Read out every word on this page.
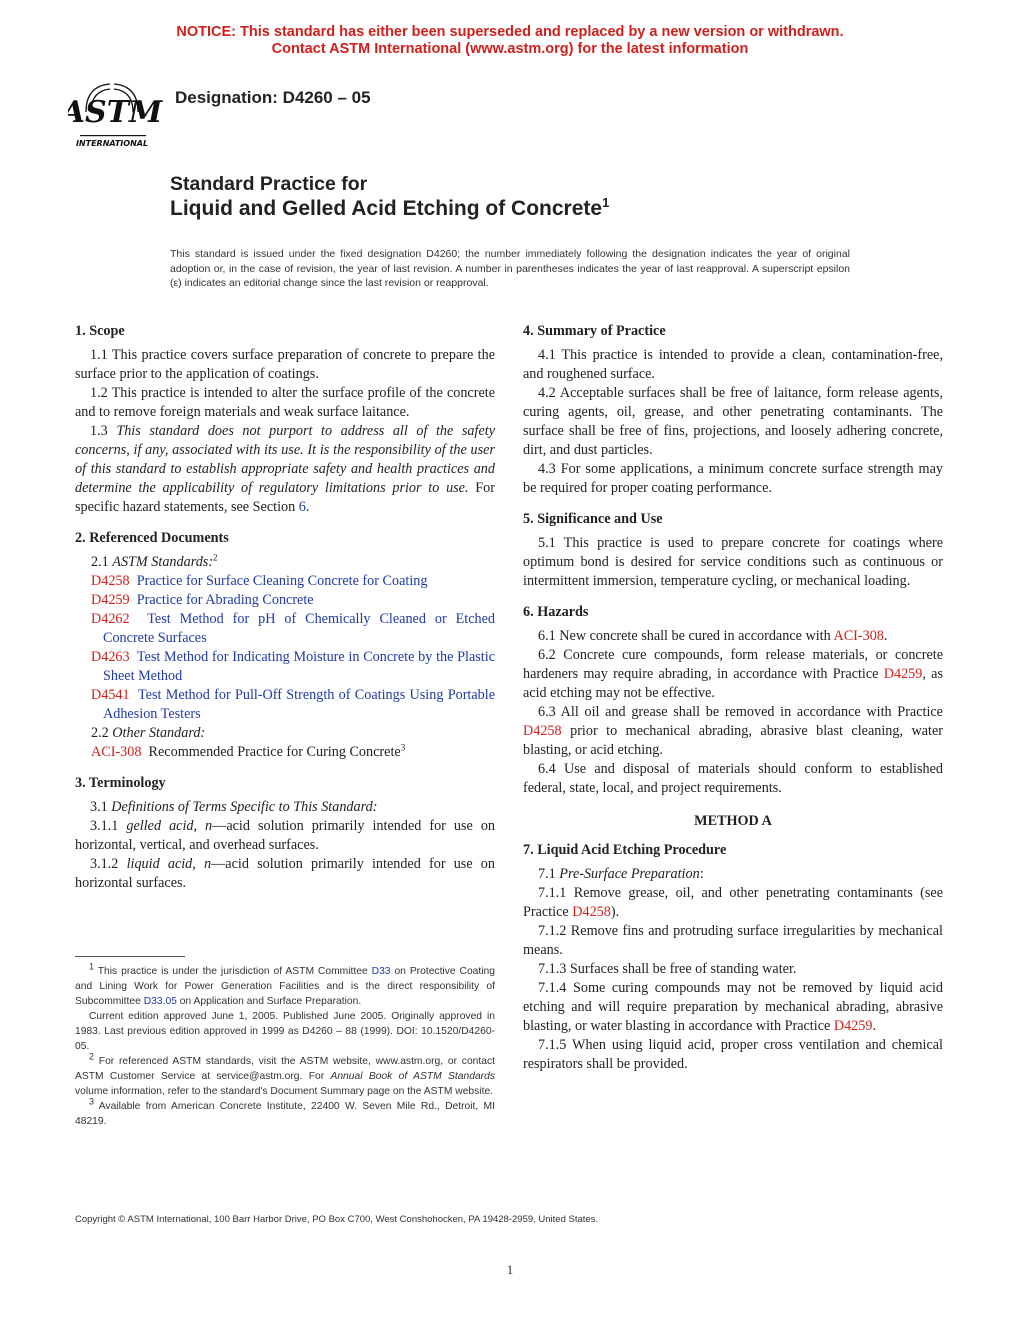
NOTICE: This standard has either been superseded and replaced by a new version or withdrawn.
Contact ASTM International (www.astm.org) for the latest information
ASTM
INTERNATIONAL
Designation: D4260 – 05
Standard Practice for
Liquid and Gelled Acid Etching of Concrete$^1$
This standard is issued under the fixed designation D4260; the number immediately following the designation indicates the year of original adoption or, in the case of revision, the year of last revision. A number in parentheses indicates the year of last reapproval. A superscript epsilon (ε) indicates an editorial change since the last revision or reapproval.
1. Scope

1.1 This practice covers surface preparation of concrete to prepare the surface prior to the application of coatings.

1.2 This practice is intended to alter the surface profile of the concrete and to remove foreign materials and weak surface laitance.

1.3 This standard does not purport to address all of the safety concerns, if any, associated with its use. It is the responsibility of the user of this standard to establish appropriate safety and health practices and determine the applicability of regulatory limitations prior to use. For specific hazard statements, see Section 6.

2. Referenced Documents

2.1 ASTM Standards:$^2$

D4258 Practice for Surface Cleaning Concrete for Coating

D4259 Practice for Abrading Concrete

D4262 Test Method for pH of Chemically Cleaned or Etched Concrete Surfaces

D4263 Test Method for Indicating Moisture in Concrete by the Plastic Sheet Method

D4541 Test Method for Pull-Off Strength of Coatings Using Portable Adhesion Testers

2.2 Other Standard:

ACI-308 Recommended Practice for Curing Concrete$^3$

3. Terminology

3.1 Definitions of Terms Specific to This Standard:

3.1.1 gelled acid, n—acid solution primarily intended for use on horizontal, vertical, and overhead surfaces.

3.1.2 liquid acid, n—acid solution primarily intended for use on horizontal surfaces.

4. Summary of Practice

4.1 This practice is intended to provide a clean, contamination-free, and roughened surface.

4.2 Acceptable surfaces shall be free of laitance, form release agents, curing agents, oil, grease, and other penetrating contaminants. The surface shall be free of fins, projections, and loosely adhering concrete, dirt, and dust particles.

4.3 For some applications, a minimum concrete surface strength may be required for proper coating performance.

5. Significance and Use

5.1 This practice is used to prepare concrete for coatings where optimum bond is desired for service conditions such as continuous or intermittent immersion, temperature cycling, or mechanical loading.

6. Hazards

6.1 New concrete shall be cured in accordance with ACI-308.

6.2 Concrete cure compounds, form release materials, or concrete hardeners may require abrading, in accordance with Practice D4259, as acid etching may not be effective.

6.3 All oil and grease shall be removed in accordance with Practice D4258 prior to mechanical abrading, abrasive blast cleaning, water blasting, or acid etching.

6.4 Use and disposal of materials should conform to established federal, state, local, and project requirements.

METHOD A
7. Liquid Acid Etching Procedure

7.1 Pre-Surface Preparation:

7.1.1 Remove grease, oil, and other penetrating contaminants (see Practice D4258).

7.1.2 Remove fins and protruding surface irregularities by mechanical means.

7.1.3 Surfaces shall be free of standing water.

7.1.4 Some curing compounds may not be removed by liquid acid etching and will require preparation by mechanical abrading, abrasive blasting, or water blasting in accordance with Practice D4259.

7.1.5 When using liquid acid, proper cross ventilation and chemical respirators shall be provided.

$^1$ This practice is under the jurisdiction of ASTM Committee D33 on Protective Coating and Lining Work for Power Generation Facilities and is the direct responsibility of Subcommittee D33.05 on Application and Surface Preparation.

Current edition approved June 1, 2005. Published June 2005. Originally approved in 1983. Last previous edition approved in 1999 as D4260 – 88 (1999). DOI: 10.1520/D4260-05.

$^2$ For referenced ASTM standards, visit the ASTM website, www.astm.org, or contact ASTM Customer Service at service@astm.org. For Annual Book of ASTM Standards volume information, refer to the standard's Document Summary page on the ASTM website.

$^3$ Available from American Concrete Institute, 22400 W. Seven Mile Rd., Detroit, MI 48219.

Copyright © ASTM International, 100 Barr Harbor Drive, PO Box C700, West Conshohocken, PA 19428-2959, United States.
1
